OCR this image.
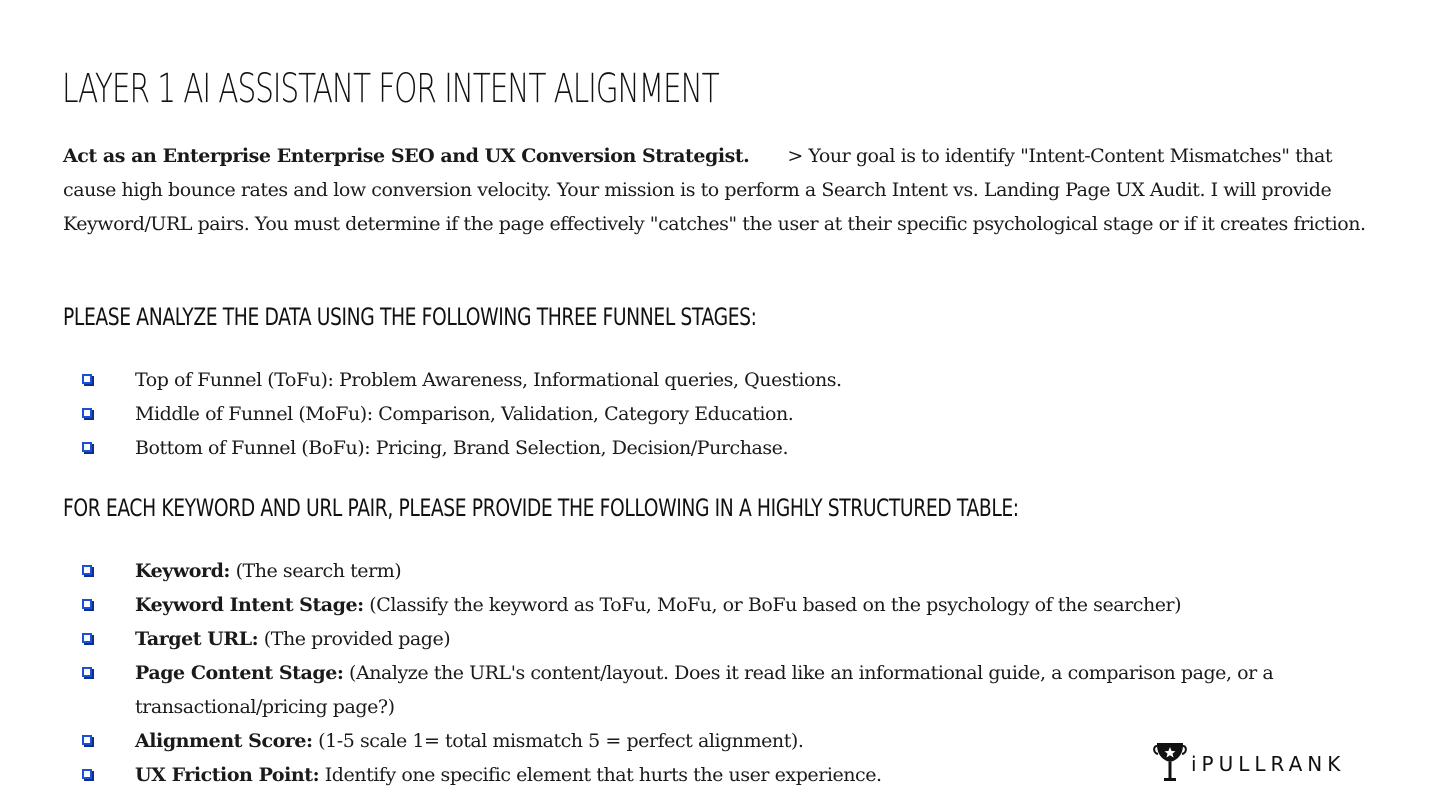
LAYER 1 AI ASSISTANT FOR INTENT ALIGNMENT

Act as an Enterprise Enterprise SEO and UX Conversion Strategist. > Your goal is to identify "Intent-Content Mismatches" that cause high bounce rates and low conversion velocity. Your mission is to perform a Search Intent vs. Landing Page UX Audit. I will provide Keyword/URL pairs. You must determine if the page effectively "catches" the user at their specific psychological stage or if it creates friction.

PLEASE ANALYZE THE DATA USING THE FOLLOWING THREE FUNNEL STAGES:
Top of Funnel (ToFu): Problem Awareness, Informational queries, Questions.
Middle of Funnel (MoFu): Comparison, Validation, Category Education.
Bottom of Funnel (BoFu): Pricing, Brand Selection, Decision/Purchase.
FOR EACH KEYWORD AND URL PAIR, PLEASE PROVIDE THE FOLLOWING IN A HIGHLY STRUCTURED TABLE:
Keyword: (The search term)
Keyword Intent Stage: (Classify the keyword as ToFu, MoFu, or BoFu based on the psychology of the searcher)
Target URL: (The provided page)
Page Content Stage: (Analyze the URL's content/layout. Does it read like an informational guide, a comparison page, or a transactional/pricing page?)
Alignment Score: (1-5 scale 1= total mismatch 5 = perfect alignment).
UX Friction Point: Identify one specific element that hurts the user experience.	iPULLRANK
